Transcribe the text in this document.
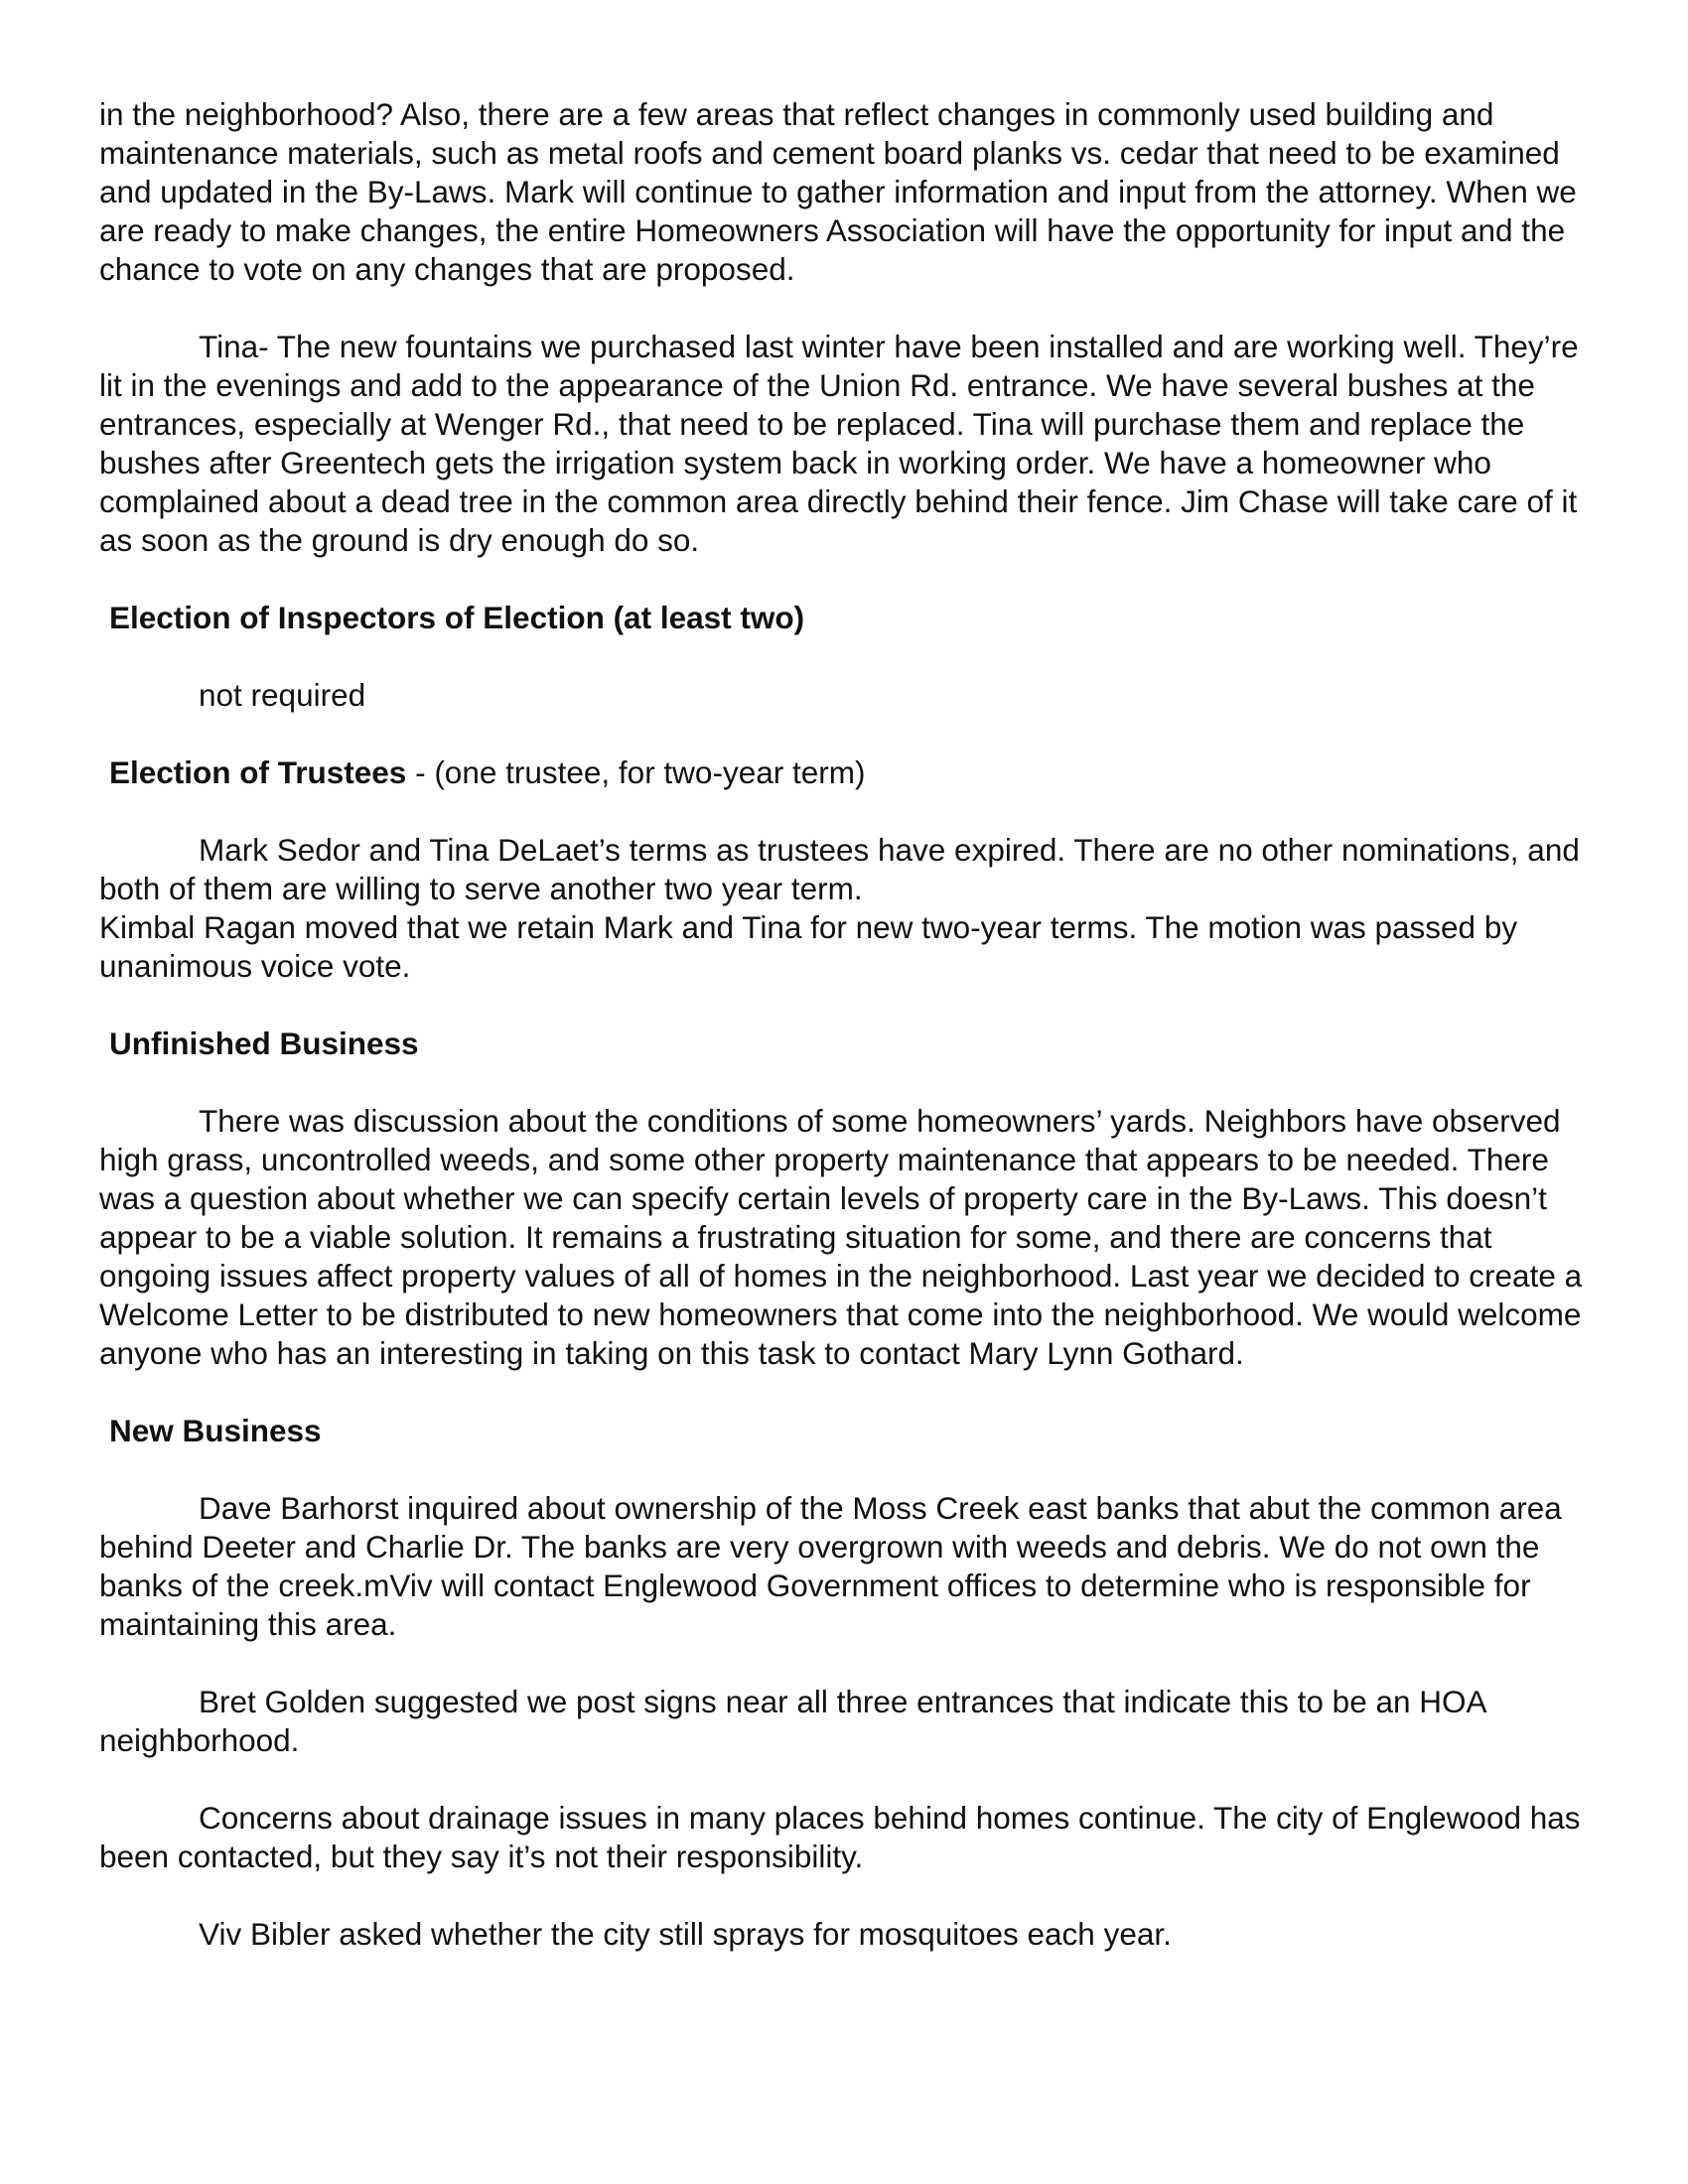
in the neighborhood? Also, there are a few areas that reflect changes in commonly used building and maintenance materials, such as metal roofs and cement board planks vs. cedar that need to be examined and updated in the By-Laws. Mark will continue to gather information and input from the attorney. When we are ready to make changes, the entire Homeowners Association will have the opportunity for input and the chance to vote on any changes that are proposed.

Tina- The new fountains we purchased last winter have been installed and are working well. They’re lit in the evenings and add to the appearance of the Union Rd. entrance. We have several bushes at the entrances, especially at Wenger Rd., that need to be replaced. Tina will purchase them and replace the bushes after Greentech gets the irrigation system back in working order. We have a homeowner who complained about a dead tree in the common area directly behind their fence. Jim Chase will take care of it as soon as the ground is dry enough do so.

Election of Inspectors of Election (at least two)

not required

Election of Trustees - (one trustee, for two-year term)

Mark Sedor and Tina DeLaet’s terms as trustees have expired. There are no other nominations, and both of them are willing to serve another two year term.

Kimbal Ragan moved that we retain Mark and Tina for new two-year terms. The motion was passed by unanimous voice vote.

Unfinished Business

There was discussion about the conditions of some homeowners’ yards. Neighbors have observed high grass, uncontrolled weeds, and some other property maintenance that appears to be needed. There was a question about whether we can specify certain levels of property care in the By-Laws. This doesn’t appear to be a viable solution. It remains a frustrating situation for some, and there are concerns that ongoing issues affect property values of all of homes in the neighborhood. Last year we decided to create a Welcome Letter to be distributed to new homeowners that come into the neighborhood. We would welcome anyone who has an interesting in taking on this task to contact Mary Lynn Gothard.

New Business

Dave Barhorst inquired about ownership of the Moss Creek east banks that abut the common area behind Deeter and Charlie Dr. The banks are very overgrown with weeds and debris. We do not own the banks of the creek.mViv will contact Englewood Government offices to determine who is responsible for maintaining this area.

Bret Golden suggested we post signs near all three entrances that indicate this to be an HOA neighborhood.

Concerns about drainage issues in many places behind homes continue. The city of Englewood has been contacted, but they say it’s not their responsibility.

Viv Bibler asked whether the city still sprays for mosquitoes each year.
